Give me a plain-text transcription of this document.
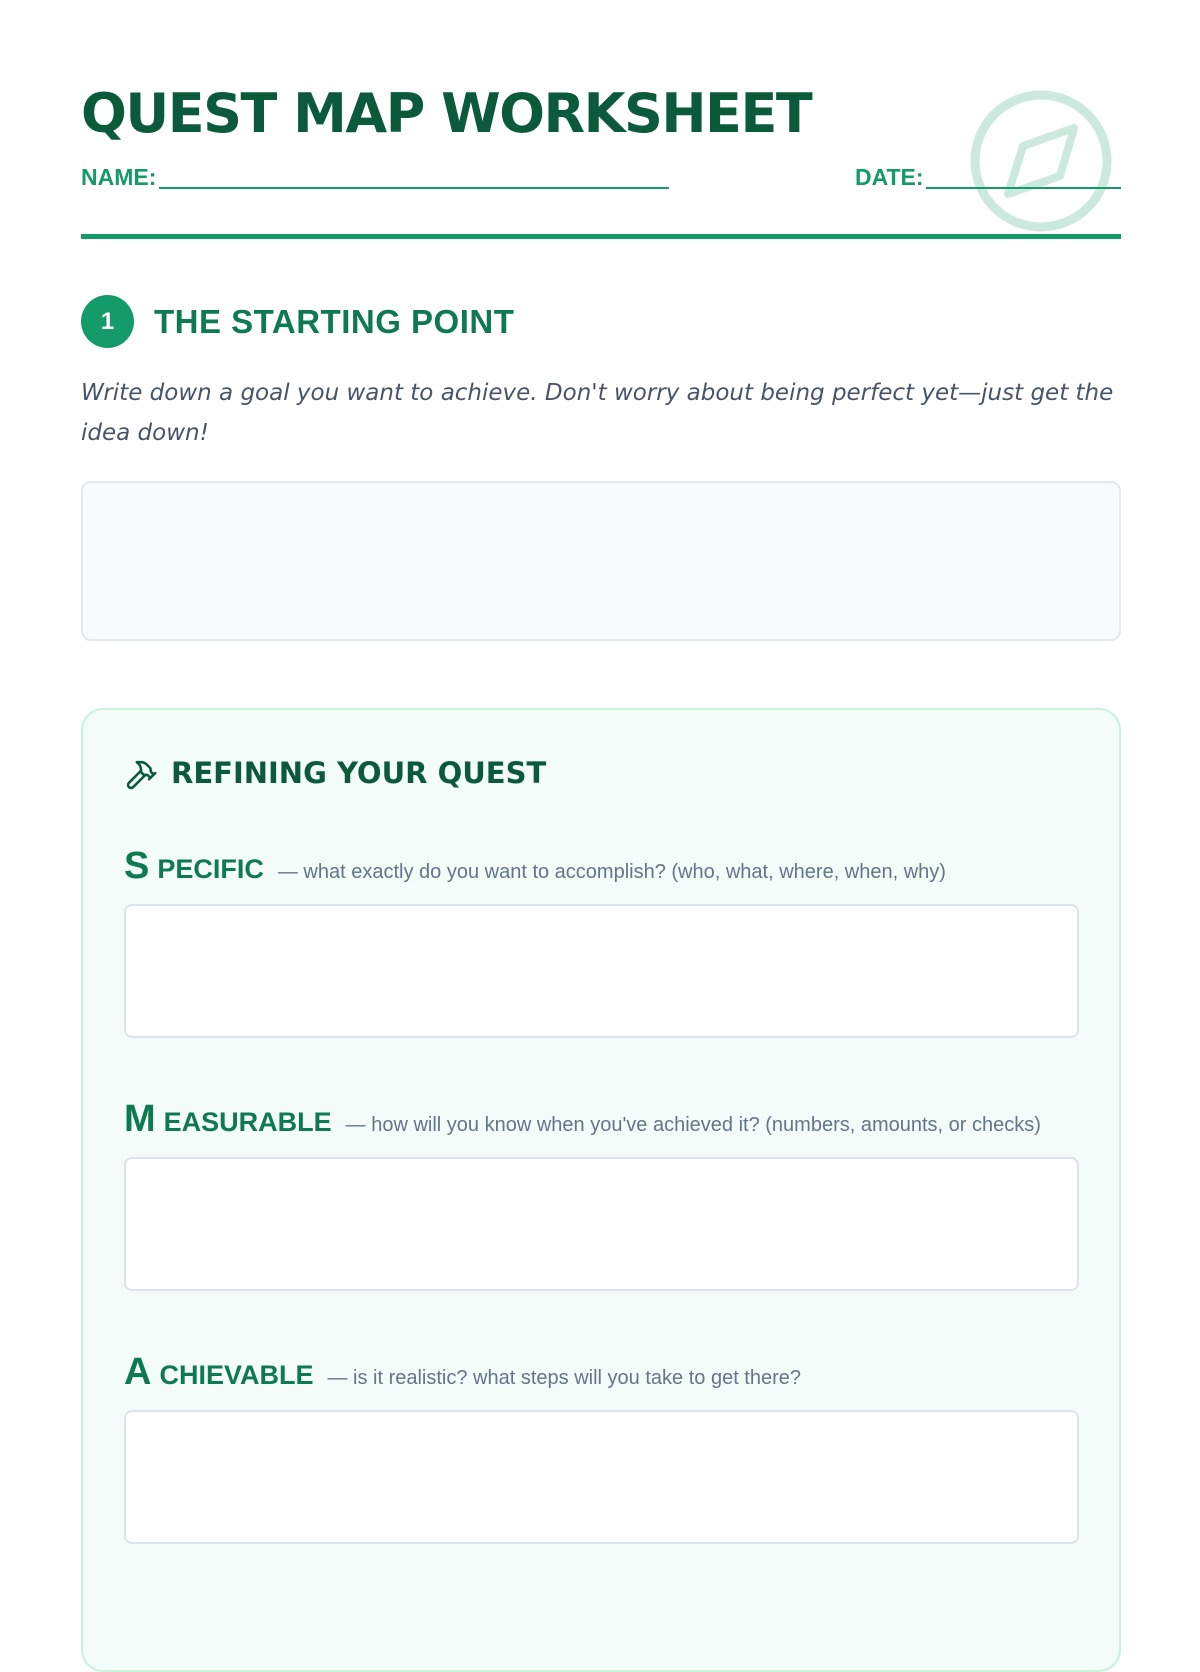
QUEST MAP WORKSHEET
NAME:	DATE:
1	THE STARTING POINT

Write down a goal you want to achieve. Don't worry about being perfect yet—just get the idea down!

REFINING YOUR QUEST
S PECIFIC — what exactly do you want to accomplish? (who, what, where, when, why)
M EASURABLE — how will you know when you've achieved it? (numbers, amounts, or checks)
A CHIEVABLE — is it realistic? what steps will you take to get there?
